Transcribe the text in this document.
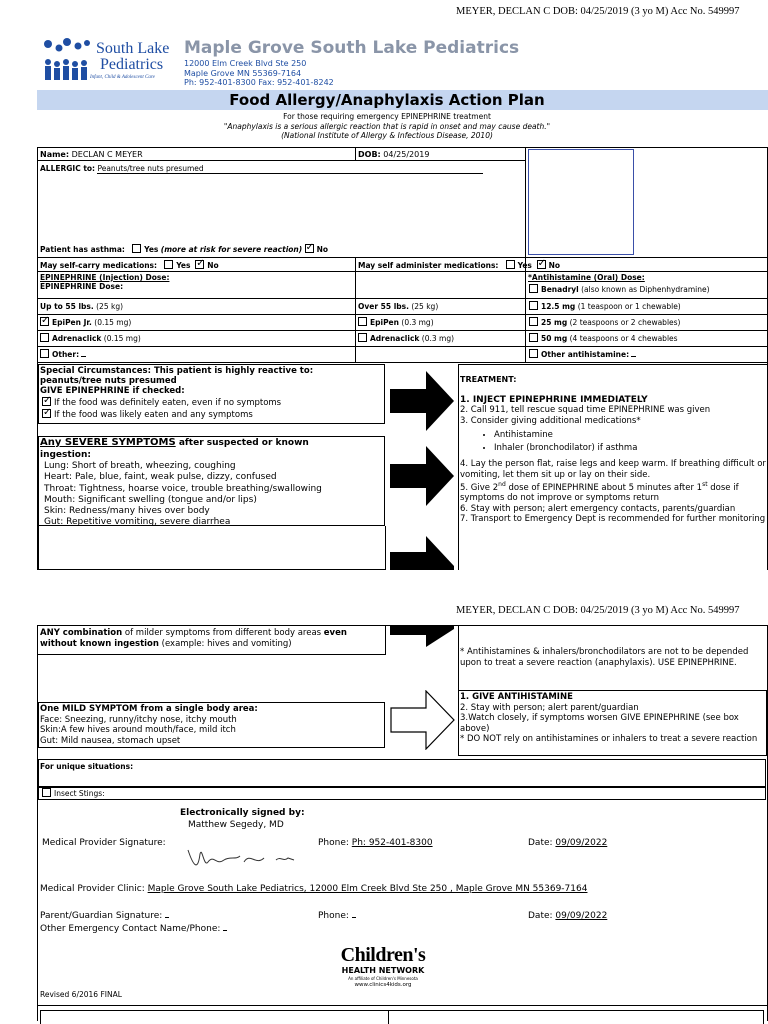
MEYER, DECLAN C DOB: 04/25/2019 (3 yo M) Acc No. 549997
South Lake
Pediatrics
Infant, Child & Adolescent Care
Maple Grove South Lake Pediatrics
12000 Elm Creek Blvd Ste 250
Maple Grove MN 55369-7164
Ph: 952-401-8300 Fax: 952-401-8242
Food Allergy/Anaphylaxis Action Plan
For those requiring emergency EPINEPHRINE treatment
"Anaphylaxis is a serious allergic reaction that is rapid in onset and may cause death."
(National Institute of Allergy & Infectious Disease, 2010)
Name: DECLAN C MEYER	DOB: 04/25/2019
ALLERGIC to: Peanuts/tree nuts presumed
Patient has asthma:	Yes (more at risk for severe reaction) ✓ No
May self-carry medications:	Yes ✓ No	May self administer medications:	Yes ✓ No
EPINEPHRINE (Injection) Dose:
EPINEPHRINE Dose:
*Antihistamine (Oral) Dose:
Benadryl (also known as Diphenhydramine)
Up to 55 lbs. (25 kg)	Over 55 lbs. (25 kg)	12.5 mg (1 teaspoon or 1 chewable)
✓EpiPen Jr. (0.15 mg)	EpiPen (0.3 mg)	25 mg (2 teaspoons or 2 chewables)
Adrenaclick (0.15 mg)	Adrenaclick (0.3 mg)	50 mg (4 teaspoons or 4 chewables
Other:	Other antihistamine:
Special Circumstances: This patient is highly reactive to:
peanuts/tree nuts presumed
GIVE EPINEPHRINE if checked:
✓If the food was definitely eaten, even if no symptoms
✓If the food was likely eaten and any symptoms
Any SEVERE SYMPTOMS after suspected or known
ingestion:
Lung: Short of breath, wheezing, coughing
Heart: Pale, blue, faint, weak pulse, dizzy, confused
Throat: Tightness, hoarse voice, trouble breathing/swallowing
Mouth: Significant swelling (tongue and/or lips)
Skin: Redness/many hives over body
Gut: Repetitive vomiting, severe diarrhea
TREATMENT:
1. INJECT EPINEPHRINE IMMEDIATELY
2. Call 911, tell rescue squad time EPINEPHRINE was given
3. Consider giving additional medications*
• Antihistamine
• Inhaler (bronchodilator) if asthma
4. Lay the person flat, raise legs and keep warm. If breathing difficult or vomiting, let them sit up or lay on their side.
5. Give 2nd dose of EPINEPHRINE about 5 minutes after 1st dose if symptoms do not improve or symptoms return
6. Stay with person; alert emergency contacts, parents/guardian
7. Transport to Emergency Dept is recommended for further monitoring
MEYER, DECLAN C DOB: 04/25/2019 (3 yo M) Acc No. 549997
ANY combination of milder symptoms from different body areas even without known ingestion (example: hives and vomiting)
* Antihistamines & inhalers/bronchodilators are not to be depended upon to treat a severe reaction (anaphylaxis). USE EPINEPHRINE.
One MILD SYMPTOM from a single body area:
Face: Sneezing, runny/itchy nose, itchy mouth
Skin:A few hives around mouth/face, mild itch
Gut: Mild nausea, stomach upset
1. GIVE ANTIHISTAMINE
2. Stay with person; alert parent/guardian
3.Watch closely, if symptoms worsen GIVE EPINEPHRINE (see box above)
* DO NOT rely on antihistamines or inhalers to treat a severe reaction
For unique situations:
Insect Stings:
Electronically signed by:
Matthew Segedy, MD
Medical Provider Signature:	Phone: Ph: 952-401-8300	Date: 09/09/2022
Medical Provider Clinic: Maple Grove South Lake Pediatrics, 12000 Elm Creek Blvd Ste 250 , Maple Grove MN 55369-7164
Parent/Guardian Signature:	Phone:	Date: 09/09/2022
Other Emergency Contact Name/Phone:
Children's
HEALTH NETWORK
An affiliate of Children's Minnesota
www.clinics4kids.org
Revised 6/2016 FINAL
